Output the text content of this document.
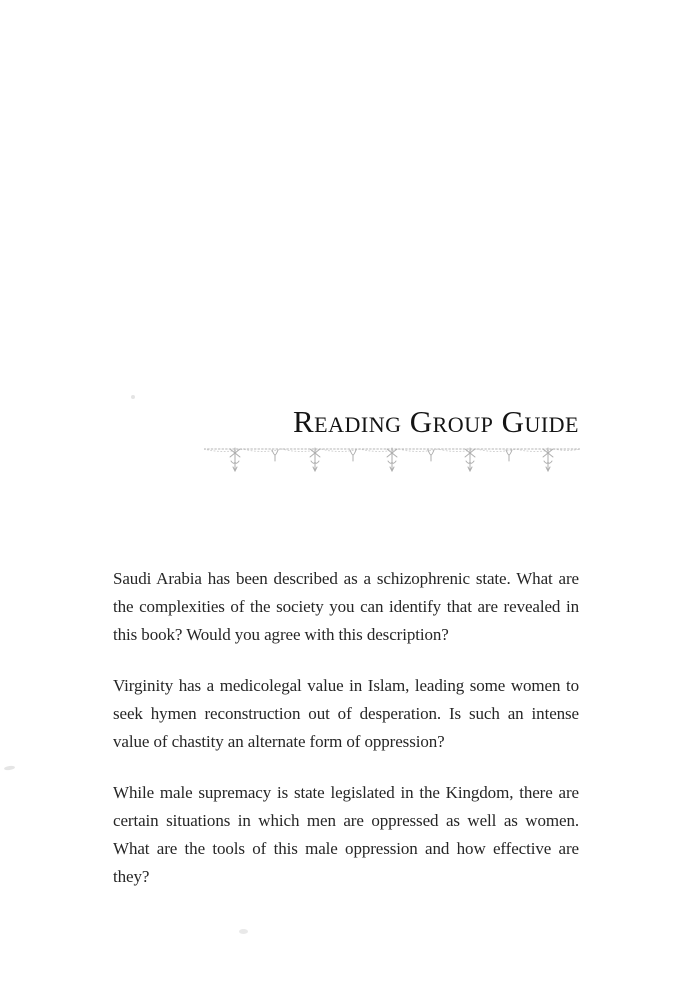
Reading Group Guide

Saudi Arabia has been described as a schizophrenic state. What are the complexities of the society you can identify that are revealed in this book? Would you agree with this description?

Virginity has a medicolegal value in Islam, leading some women to seek hymen reconstruction out of desperation. Is such an intense value of chastity an alternate form of oppression?

While male supremacy is state legislated in the Kingdom, there are certain situations in which men are oppressed as well as women. What are the tools of this male oppression and how effective are they?
